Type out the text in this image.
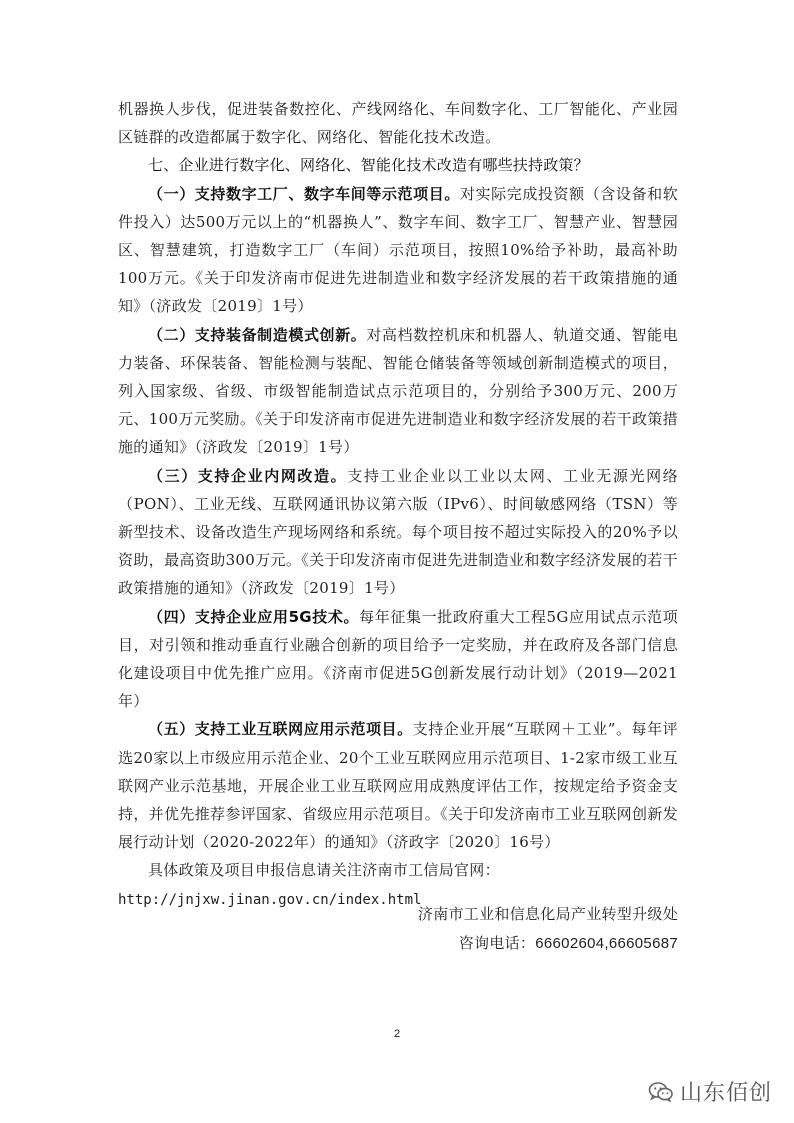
机器换人步伐，促进装备数控化、产线网络化、车间数字化、工厂智能化、产业园区链群的改造都属于数字化、网络化、智能化技术改造。

七、企业进行数字化、网络化、智能化技术改造有哪些扶持政策？

（一）支持数字工厂、数字车间等示范项目。对实际完成投资额（含设备和软件投入）达500万元以上的“机器换人”、数字车间、数字工厂、智慧产业、智慧园区、智慧建筑，打造数字工厂（车间）示范项目，按照10%给予补助，最高补助100万元。《关于印发济南市促进先进制造业和数字经济发展的若干政策措施的通知》（济政发〔2019〕1号）

（二）支持装备制造模式创新。对高档数控机床和机器人、轨道交通、智能电力装备、环保装备、智能检测与装配、智能仓储装备等领域创新制造模式的项目，列入国家级、省级、市级智能制造试点示范项目的，分别给予300万元、200万元、100万元奖励。《关于印发济南市促进先进制造业和数字经济发展的若干政策措施的通知》（济政发〔2019〕1号）

（三）支持企业内网改造。支持工业企业以工业以太网、工业无源光网络（PON）、工业无线、互联网通讯协议第六版（IPv6）、时间敏感网络（TSN）等新型技术、设备改造生产现场网络和系统。每个项目按不超过实际投入的20%予以资助，最高资助300万元。《关于印发济南市促进先进制造业和数字经济发展的若干政策措施的通知》（济政发〔2019〕1号）

（四）支持企业应用5G技术。每年征集一批政府重大工程5G应用试点示范项目，对引领和推动垂直行业融合创新的项目给予一定奖励，并在政府及各部门信息化建设项目中优先推广应用。《济南市促进5G创新发展行动计划》（2019—2021年）

（五）支持工业互联网应用示范项目。支持企业开展“互联网＋工业”。每年评选20家以上市级应用示范企业、20个工业互联网应用示范项目、1-2家市级工业互联网产业示范基地，开展企业工业互联网应用成熟度评估工作，按规定给予资金支持，并优先推荐参评国家、省级应用示范项目。《关于印发济南市工业互联网创新发展行动计划（2020-2022年）的通知》（济政字〔2020〕16号）

具体政策及项目申报信息请关注济南市工信局官网：

http://jnjxw.jinan.gov.cn/index.html

济南市工业和信息化局产业转型升级处
咨询电话：66602604,66605687
2
山东佰创
